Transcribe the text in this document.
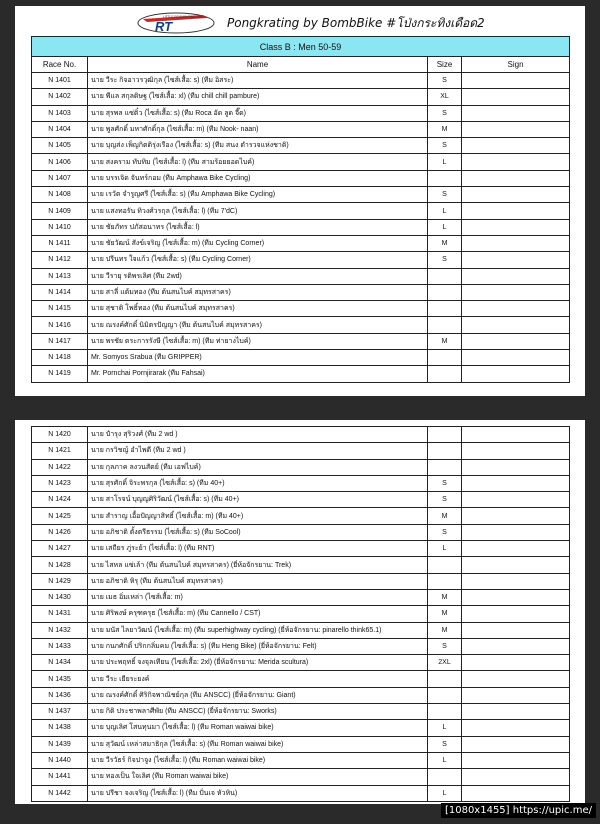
RT
LITTLE ROAMIN THAILAND Pongkrating by BombBike #โป่งกระทิงเดือด2
Class B : Men 50-59			
Race No.	Name	Size	Sign
N 1401	นาย วีระ กิจอาวรวุฒิกุล (ไซส์เสื้อ: s) (ทีม อิสระ)	S	
N 1402	นาย พีแล สกุลดิษฐ (ไซส์เสื้อ: xl) (ทีม chill chill pambure)	XL	
N 1403	นาย สุรพล แซ่ติ๋ว (ไซส์เสื้อ: s) (ทีม Roca อัด ลูด จี๊ด)	S	
N 1404	นาย พูลศักดิ์ มหาศักดิ์กุล (ไซส์เสื้อ: m) (ทีม Nook- naan)	M	
N 1405	นาย บุญส่ง เพ็ญกิตติรุ่งเรือง (ไซส์เสื้อ: s) (ทีม สนง ตำรวจแห่งชาติ)	S	
N 1406	นาย สงคราม ทับทิม (ไซส์เสื้อ: l) (ทีม สามร้อยยอดไบค์)	L	
N 1407	นาย บรรเจิด จันทร์กอม (ทีม Amphawa Bike Cycling)		
N 1408	นาย เรวัต จำรูญศรี (ไซส์เสื้อ: s) (ทีม Amphawa Bike Cycling)	S	
N 1409	นาย แสงทอรัน ทิวงศ์วรกุล (ไซส์เสื้อ: l) (ทีม 7'dC)	L	
N 1410	นาย ชัยภัทร ปภัสอนาทร (ไซส์เสื้อ: l)	L	
N 1411	นาย ชัยวัฒน์ สังข์เจริญ (ไซส์เสื้อ: m) (ทีม Cycling Corner)	M	
N 1412	นาย ปรีนทร ใจแก้ว (ไซส์เสื้อ: s) (ทีม Cycling Corner)	S	
N 1413	นาย วีรายุ รติพรเลิศ (ทีม 2wd)		
N 1414	นาย สาลี่ แต้มทอง (ทีม ต้นสนไบค์ สมุทรสาคร)		
N 1415	นาย สุชาติ โพธิ์ทอง (ทีม ต้นสนไบค์ สมุทรสาคร)		
N 1416	นาย ณรงค์ศักดิ์ นิมิตรปัญญา (ทีม ต้นสนไบค์ สมุทรสาคร)		
N 1417	นาย พรชัย ตระการรังษี (ไซส์เสื้อ: m) (ทีม ท่ายางไบค์)	M	
N 1418	Mr. Somyos Srabua (ทีม GRIPPER)		
N 1419	Mr. Pornchai Pornjirarak (ทีม Fahsai)		
N 1420	นาย ปำรุง สุริวงศ์ (ทีม 2 wd )		
N 1421	นาย กรวิชญ์ อำไพดี (ทีม 2 wd )		
N 1422	นาย กุลภาค ลงวนสัตย์ (ทีม เอฟไบค์)		
N 1423	นาย สุรศักดิ์ จิระพรกุล (ไซส์เสื้อ: s) (ทีม 40+)	S	
N 1424	นาย สาโรจน์ บุญญศิริวัฒน์ (ไซส์เสื้อ: s) (ทีม 40+)	S	
N 1425	นาย สำราญ เอื้อปัญญาสิทธิ์ (ไซส์เสื้อ: m) (ทีม 40+)	M	
N 1426	นาย อภิชาติ ตั้งตรีธรรม (ไซส์เสื้อ: s) (ทีม SoCool)	S	
N 1427	นาย เสถียร ภู่ระย้า (ไซส์เสื้อ: l) (ทีม RNT)	L	
N 1428	นาย ไสหล แซ่เล้า (ทีม ต้นสนไบค์ สมุทรสาคร) (ยี่ห้อจักรยาน: Trek)		
N 1429	นาย อภิชาติ หิรุ (ทีม ต้นสนไบค์ สมุทรสาคร)		
N 1430	นาย เมธ อิ่มเหล่า (ไซส์เสื้อ: m)	M	
N 1431	นาย ศิริพงษ์ ครุฑครุธ (ไซส์เสื้อ: m) (ทีม Cannello / CST)	M	
N 1432	นาย มนัส ไลยาวัฒน์ (ไซส์เสื้อ: m) (ทีม superhighway cycling) (ยี่ห้อจักรยาน: pinarello think65.1)	M	
N 1433	นาย กนกศักดิ์ ปริกกลิ่มคม (ไซส์เสื้อ: s) (ทีม Heng Bike) (ยี่ห้อจักรยาน: Felt)	S	
N 1434	นาย ประพฤทธิ์ จงจุลเทียน (ไซส์เสื้อ: 2xl) (ยี่ห้อจักรยาน: Merida scultura)	2XL	
N 1435	นาย วีระ เยียระยงค์		
N 1436	นาย ณรงค์ศักดิ์ ศิริกิจพาณิชย์กุล (ทีม ANSCC) (ยี่ห้อจักรยาน: Giant)		
N 1437	นาย กิติ ประชาพลาศีพัย (ทีม ANSCC) (ยี่ห้อจักรยาน: Sworks)		
N 1438	นาย บุญเลิศ โสนทุนมา (ไซส์เสื้อ: l) (ทีม Roman waiwai bike)	L	
N 1439	นาย สุวัฒน์ เหล่าสมาธิกุล (ไซส์เสื้อ: s) (ทีม Roman waiwai bike)	S	
N 1440	นาย วีรวัธร์ กิจปาจูง (ไซส์เสื้อ: l) (ทีม Roman waiwai bike)	L	
N 1441	นาย ทองเป็น ใจเลิศ (ทีม Roman waiwai bike)		
N 1442	นาย ปรีชา จงเจริญ (ไซส์เสื้อ: l) (ทีม ปั่นเจ หัวหิน)	L	
[1080x1455] https://upic.me/
